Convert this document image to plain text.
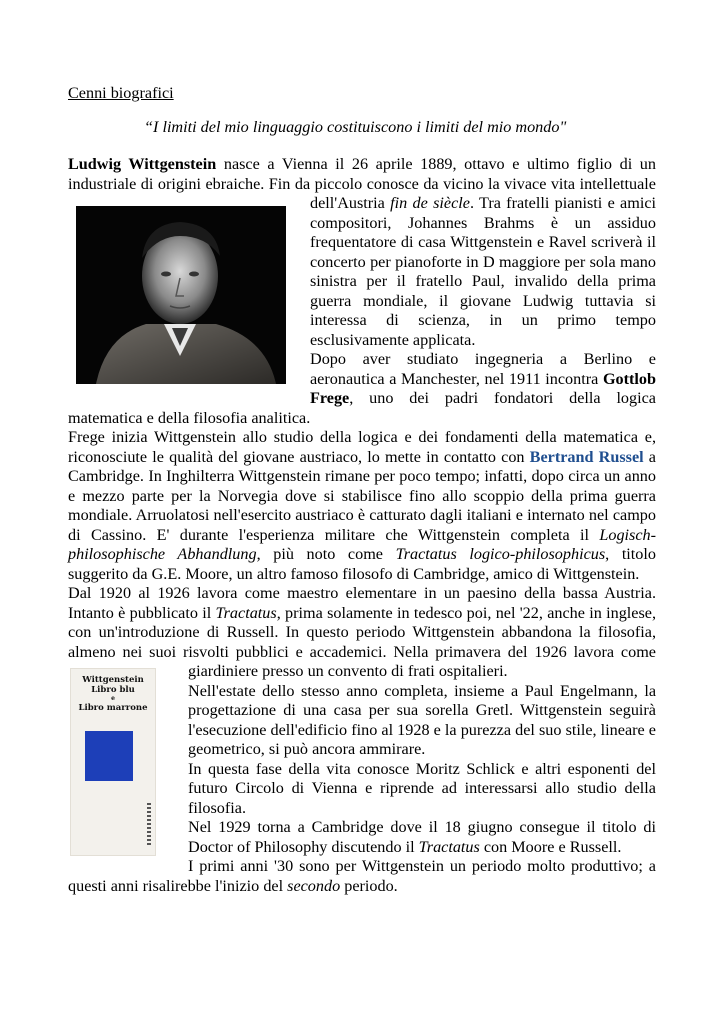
Cenni biografici

“I limiti del mio linguaggio costituiscono i limiti del mio mondo"

Ludwig Wittgenstein nasce a Vienna il 26 aprile 1889, ottavo e ultimo figlio di un industriale di origini ebraiche. Fin da piccolo conosce da vicino la vivace vita intellettuale dell'Austria
fin de siècle. Tra fratelli pianisti e amici compositori, Johannes Brahms è un assiduo frequentatore di casa Wittgenstein e Ravel scriverà il concerto per pianoforte in D maggiore per sola mano sinistra per il fratello Paul, invalido della prima guerra mondiale, il giovane Ludwig tuttavia si interessa di scienza, in un primo tempo esclusivamente applicata.
Dopo aver studiato ingegneria a Berlino e aeronautica a Manchester, nel 1911 incontra Gottlob Frege, uno dei padri fondatori della logica matematica e della filosofia analitica.

Frege inizia Wittgenstein allo studio della logica e dei fondamenti della matematica e, riconosciute le qualità del giovane austriaco, lo mette in contatto con Bertrand Russel a Cambridge. In Inghilterra Wittgenstein rimane per poco tempo; infatti, dopo circa un anno e mezzo parte per la Norvegia dove si stabilisce fino allo scoppio della prima guerra mondiale. Arruolatosi nell'esercito austriaco è catturato dagli italiani e internato nel campo di Cassino. E' durante l'esperienza militare che Wittgenstein completa il Logisch-philosophische Abhandlung, più noto come Tractatus logico-philosophicus, titolo suggerito da G.E. Moore, un altro famoso filosofo di Cambridge, amico di Wittgenstein.

Dal 1920 al 1926 lavora come maestro elementare in un paesino della bassa Austria. Intanto è pubblicato il Tractatus, prima solamente in tedesco poi, nel '22, anche in inglese, con un'introduzione di Russell. In questo periodo Wittgenstein abbandona la filosofia, almeno nei suoi risvolti pubblici e accademici. Nella primavera del 1926 lavora come giardiniere presso un convento di frati ospitalieri.
Wittgenstein
Libro blu
e
Libro marrone

Nell'estate dello stesso anno completa, insieme a Paul Engelmann, la progettazione di una casa per sua sorella Gretl. Wittgenstein seguirà l'esecuzione dell'edificio fino al 1928 e la purezza del suo stile, lineare e geometrico, si può ancora ammirare.
In questa fase della vita conosce Moritz Schlick e altri esponenti del futuro Circolo di Vienna e riprende ad interessarsi allo studio della filosofia.
Nel 1929 torna a Cambridge dove il 18 giugno consegue il titolo di Doctor of Philosophy discutendo il Tractatus con Moore e Russell.
I primi anni '30 sono per Wittgenstein un periodo molto produttivo; a questi anni risalirebbe l'inizio del secondo periodo.
